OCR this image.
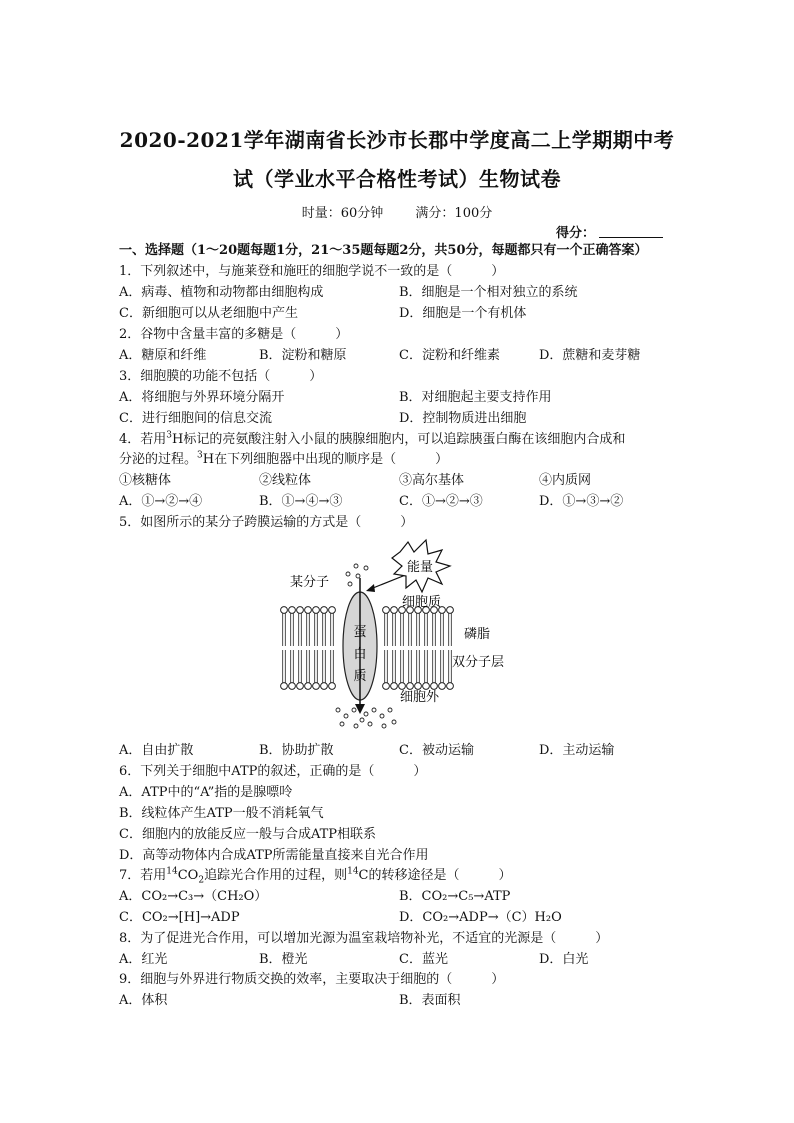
2020-2021学年湖南省长沙市长郡中学度高二上学期期中考
试（学业水平合格性考试）生物试卷
时量：60分钟 满分：100分
得分：
一、选择题（1～20题每题1分，21～35题每题2分，共50分，每题都只有一个正确答案）
1．下列叙述中，与施莱登和施旺的细胞学说不一致的是（　　　）
A．病毒、植物和动物都由细胞构成	B．细胞是一个相对独立的系统
C．新细胞可以从老细胞中产生	D．细胞是一个有机体
2．谷物中含量丰富的多糖是（　　　）
A．糖原和纤维	B．淀粉和糖原	C．淀粉和纤维素	D．蔗糖和麦芽糖
3．细胞膜的功能不包括（　　　）
A．将细胞与外界环境分隔开	B．对细胞起主要支持作用
C．进行细胞间的信息交流	D．控制物质进出细胞
4．若用$^3$H标记的亮氨酸注射入小鼠的胰腺细胞内，可以追踪胰蛋白酶在该细胞内合成和
分泌的过程。$^3$H在下列细胞器中出现的顺序是（　　　）
①核糖体	②线粒体	③高尔基体	④内质网
A．①→②→④	B．①→④→③	C．①→②→③	D．①→③→②
5．如图所示的某分子跨膜运输的方式是（　　　）
能量
某分子
细胞质
蛋
白
质
磷脂
双分子层
细胞外
A．自由扩散	B．协助扩散	C．被动运输	D．主动运输
6．下列关于细胞中ATP的叙述，正确的是（　　　）
A．ATP中的“A”指的是腺嘌呤
B．线粒体产生ATP一般不消耗氧气
C．细胞内的放能反应一般与合成ATP相联系
D．高等动物体内合成ATP所需能量直接来自光合作用
7．若用$^{14}CO_2$追踪光合作用的过程，则$^{14}$C的转移途径是（　　　）
A．CO₂→C₃→（CH₂O）	B．CO₂→C₅→ATP
C．CO₂→[H]→ADP	D．CO₂→ADP→（C）H₂O
8．为了促进光合作用，可以增加光源为温室栽培物补光，不适宜的光源是（　　　）
A．红光	B．橙光	C．蓝光	D．白光
9．细胞与外界进行物质交换的效率，主要取决于细胞的（　　　）
A．体积	B．表面积
